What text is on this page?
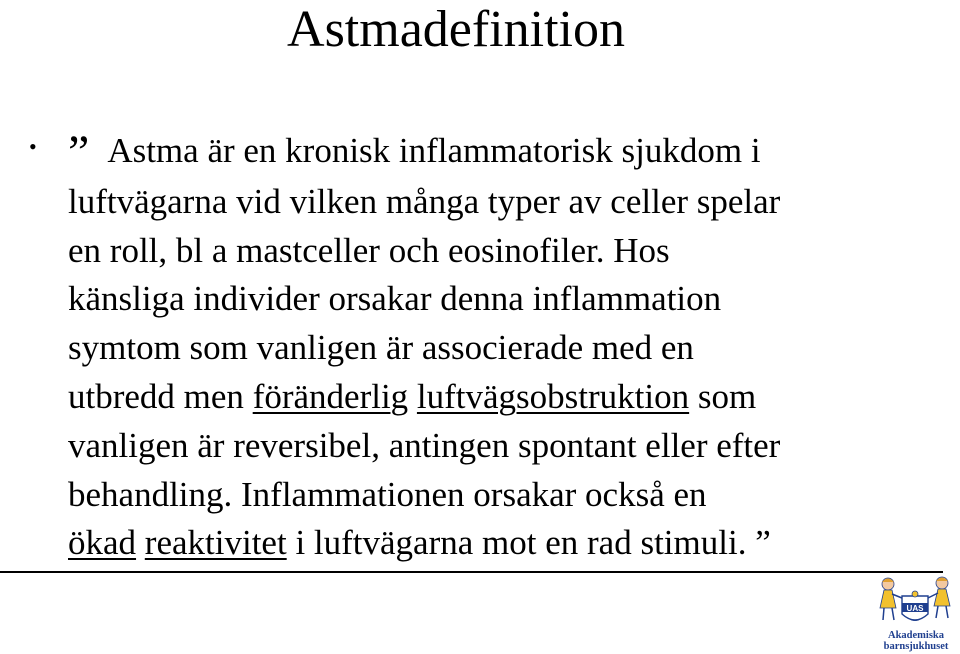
Astmadefinition
• ” Astma är en kronisk inflammatorisk sjukdom i
luftvägarna vid vilken många typer av celler spelar
en roll, bl a mastceller och eosinofiler. Hos
känsliga individer orsakar denna inflammation
symtom som vanligen är associerade med en
utbredd men föränderlig luftvägsobstruktion som
vanligen är reversibel, antingen spontant eller efter
behandling. Inflammationen orsakar också en
ökad reaktivitet i luftvägarna mot en rad stimuli. ”
UAS
Akademiska
barnsjukhuset
